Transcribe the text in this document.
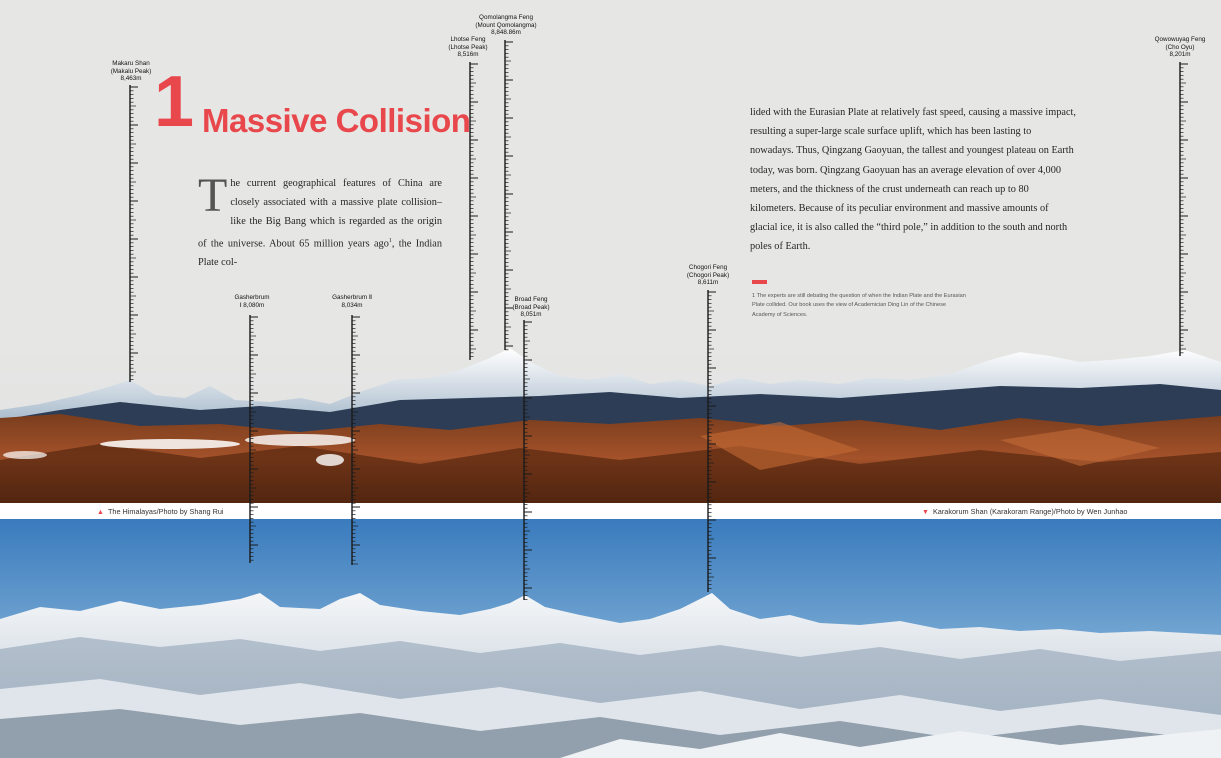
Makaru Shan
(Makalu Peak)
8,463m
Gasherbrum
Ⅰ 8,080m
Gasherbrum Ⅱ
8,034m
Lhotse Feng
(Lhotse Peak)
8,516m
Qomolangma Feng
(Mount Qomolangma)
8,848.86m
Broad Feng
(Broad Peak)
8,051m
Chogori Feng
(Chogori Peak)
8,611m
Qowowuyag Feng
(Cho Oyu)
8,201m
1 Massive Collision
The current geographical features of China are closely associated with a massive plate collision–like the Big Bang which is regarded as the origin of the universe. About 65 million years ago$^1$, the Indian Plate col-
lided with the Eurasian Plate at relatively fast speed, causing a massive impact, resulting a super-large scale surface uplift, which has been lasting to nowadays. Thus, Qingzang Gaoyuan, the tallest and youngest plateau on Earth today, was born. Qingzang Gaoyuan has an average elevation of over 4,000 meters, and the thickness of the crust underneath can reach up to 80 kilometers. Because of its peculiar environment and massive amounts of glacial ice, it is also called the “third pole,” in addition to the south and north poles of Earth.
1 The experts are still debating the question of when the Indian Plate and the Eurasian Plate collided. Our book uses the view of Academician Ding Lin of the Chinese Academy of Sciences.
▲ The Himalayas/Photo by Shang Rui	▼ Karakorum Shan (Karakoram Range)/Photo by Wen Junhao
